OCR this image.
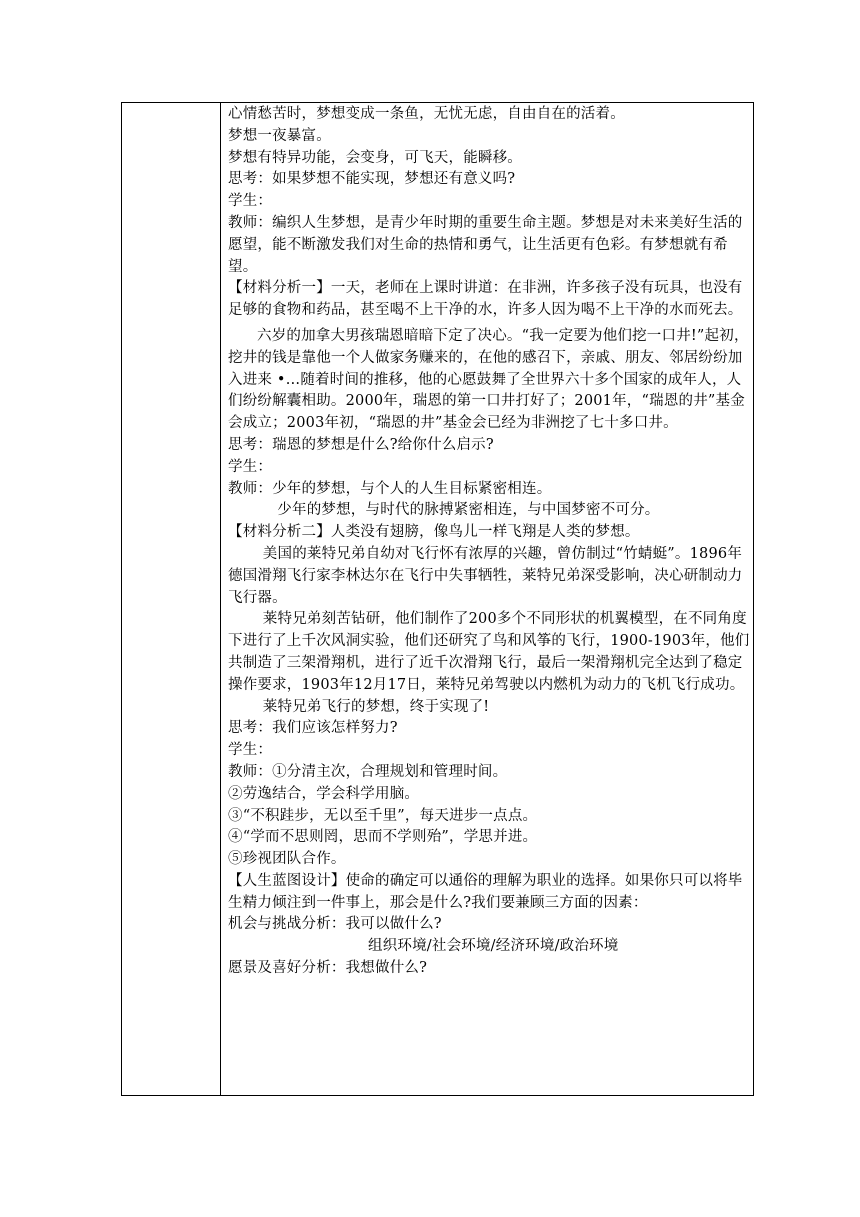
心情愁苦时，梦想变成一条鱼，无忧无虑，自由自在的活着。

梦想一夜暴富。

梦想有特异功能，会变身，可飞天，能瞬移。

思考：如果梦想不能实现，梦想还有意义吗?

学生：

教师：编织人生梦想，是青少年时期的重要生命主题。梦想是对未来美好生活的愿望，能不断激发我们对生命的热情和勇气，让生活更有色彩。有梦想就有希望。

【材料分析一】一天，老师在上课时讲道：在非洲，许多孩子没有玩具，也没有足够的食物和药品，甚至喝不上干净的水，许多人因为喝不上干净的水而死去。

六岁的加拿大男孩瑞恩暗暗下定了决心。“我一定要为他们挖一口井!”起初，挖井的钱是靠他一个人做家务赚来的，在他的感召下，亲戚、朋友、邻居纷纷加入进来 •…随着时间的推移，他的心愿鼓舞了全世界六十多个国家的成年人，人们纷纷解囊相助。2000年，瑞恩的第一口井打好了；2001年，“瑞恩的井”基金会成立；2003年初，“瑞恩的井”基金会已经为非洲挖了七十多口井。

思考：瑞恩的梦想是什么?给你什么启示?

学生：

教师：少年的梦想，与个人的人生目标紧密相连。

少年的梦想，与时代的脉搏紧密相连，与中国梦密不可分。

【材料分析二】人类没有翅膀，像鸟儿一样飞翔是人类的梦想。

美国的莱特兄弟自幼对飞行怀有浓厚的兴趣，曾仿制过“竹蜻蜓”。1896年德国滑翔飞行家李林达尔在飞行中失事牺牲，莱特兄弟深受影响，决心研制动力飞行器。

莱特兄弟刻苦钻研，他们制作了200多个不同形状的机翼模型，在不同角度下进行了上千次风洞实验，他们还研究了鸟和风筝的飞行，1900-1903年，他们共制造了三架滑翔机，进行了近千次滑翔飞行，最后一架滑翔机完全达到了稳定操作要求，1903年12月17日，莱特兄弟驾驶以内燃机为动力的飞机飞行成功。

莱特兄弟飞行的梦想，终于实现了!

思考：我们应该怎样努力?

学生：

教师：①分清主次，合理规划和管理时间。

②劳逸结合，学会科学用脑。

③“不积跬步，无以至千里”，每天进步一点点。

④“学而不思则罔，思而不学则殆”，学思并进。

⑤珍视团队合作。

【人生蓝图设计】使命的确定可以通俗的理解为职业的选择。如果你只可以将毕生精力倾注到一件事上，那会是什么?我们要兼顾三方面的因素：

机会与挑战分析：我可以做什么?

组织环境/社会环境/经济环境/政治环境

愿景及喜好分析：我想做什么?
